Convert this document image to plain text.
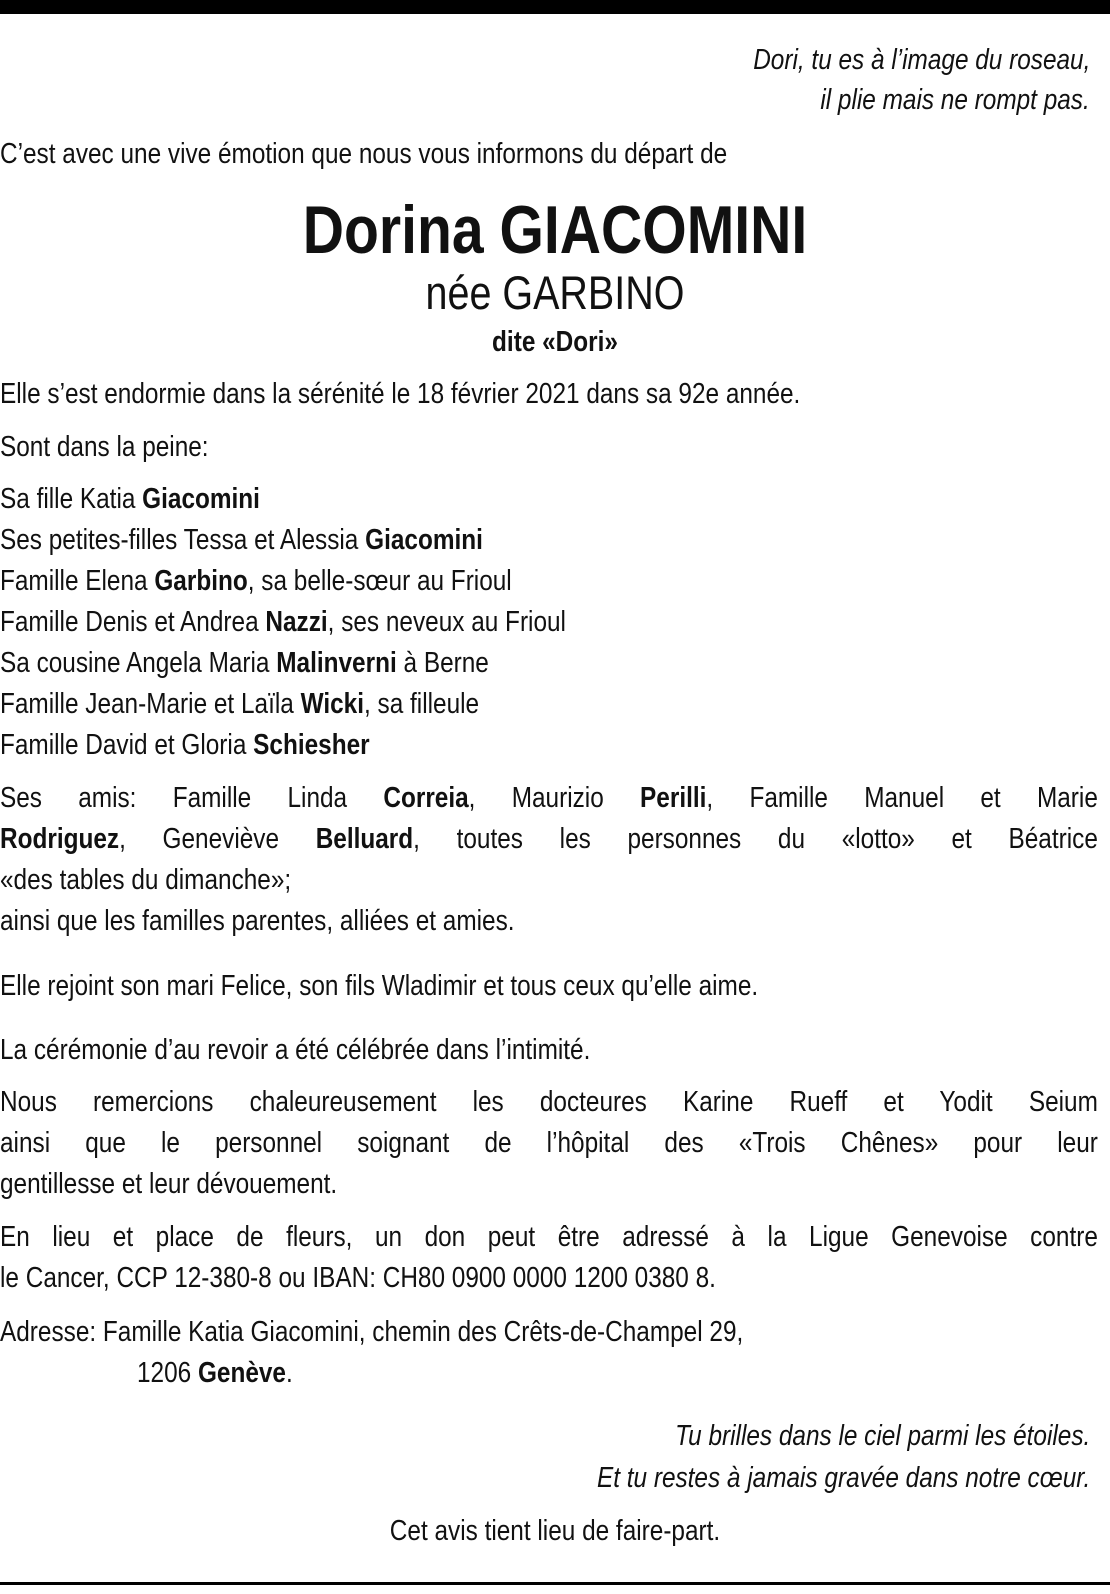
Dori, tu es à l’image du roseau,

il plie mais ne rompt pas.

C’est avec une vive émotion que nous vous informons du départ de

Dorina GIACOMINI

née GARBINO

dite «Dori»

Elle s’est endormie dans la sérénité le 18 février 2021 dans sa 92e année.

Sont dans la peine:

Sa fille Katia Giacomini

Ses petites-filles Tessa et Alessia Giacomini

Famille Elena Garbino, sa belle-sœur au Frioul

Famille Denis et Andrea Nazzi, ses neveux au Frioul

Sa cousine Angela Maria Malinverni à Berne

Famille Jean-Marie et Laïla Wicki, sa filleule

Famille David et Gloria Schiesher

Ses amis: Famille Linda Correia, Maurizio Perilli, Famille Manuel et Marie

Rodriguez, Geneviève Belluard, toutes les personnes du «lotto» et Béatrice

«des tables du dimanche»;

ainsi que les familles parentes, alliées et amies.

Elle rejoint son mari Felice, son fils Wladimir et tous ceux qu’elle aime.

La cérémonie d’au revoir a été célébrée dans l’intimité.

Nous remercions chaleureusement les docteures Karine Rueff et Yodit Seium

ainsi que le personnel soignant de l’hôpital des «Trois Chênes» pour leur

gentillesse et leur dévouement.

En lieu et place de fleurs, un don peut être adressé à la Ligue Genevoise contre

le Cancer, CCP 12-380-8 ou IBAN: CH80 0900 0000 1200 0380 8.

Adresse: Famille Katia Giacomini, chemin des Crêts-de-Champel 29,

1206 Genève.

Tu brilles dans le ciel parmi les étoiles.

Et tu restes à jamais gravée dans notre cœur.

Cet avis tient lieu de faire-part.
